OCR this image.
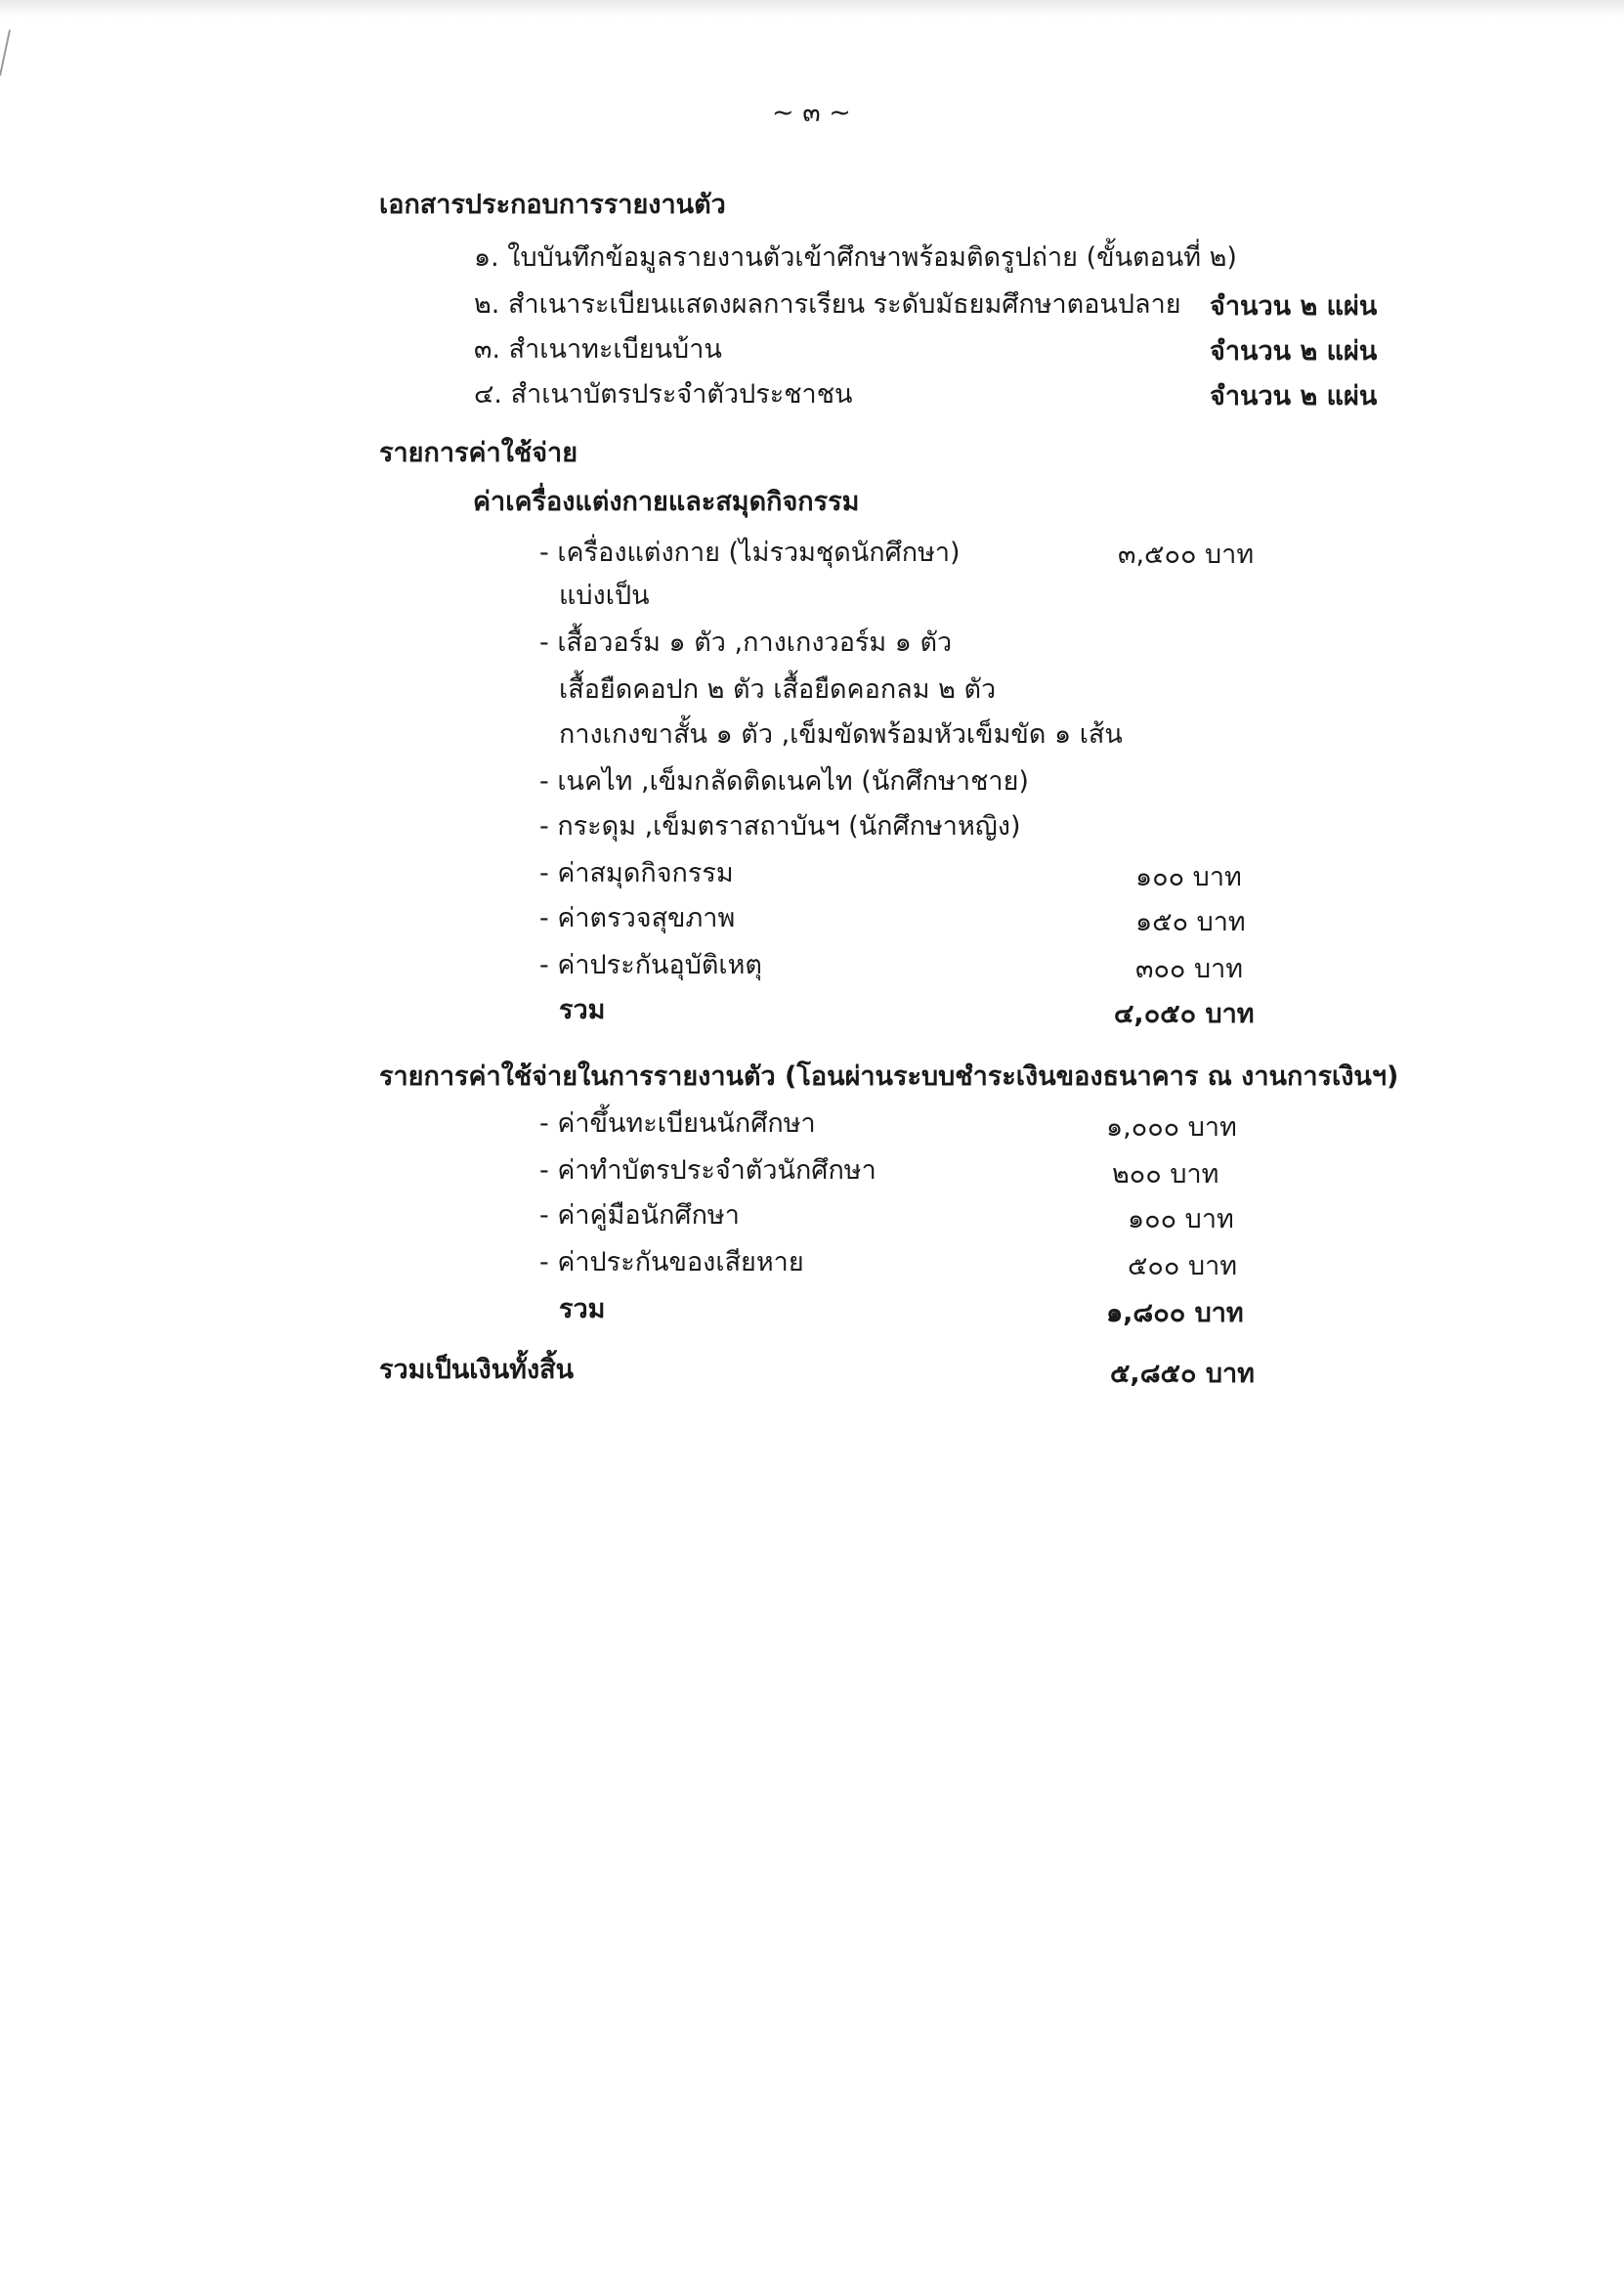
~ ๓ ~
เอกสารประกอบการรายงานตัว
๑. ใบบันทึกข้อมูลรายงานตัวเข้าศึกษาพร้อมติดรูปถ่าย (ขั้นตอนที่ ๒)
๒. สำเนาระเบียนแสดงผลการเรียน ระดับมัธยมศึกษาตอนปลาย จำนวน ๒ แผ่น
๓. สำเนาทะเบียนบ้าน	จำนวน ๒ แผ่น
๔. สำเนาบัตรประจำตัวประชาชน	จำนวน ๒ แผ่น
รายการค่าใช้จ่าย
ค่าเครื่องแต่งกายและสมุดกิจกรรม
- เครื่องแต่งกาย (ไม่รวมชุดนักศึกษา)	๓,๕๐๐ บาท
แบ่งเป็น
- เสื้อวอร์ม ๑ ตัว ,กางเกงวอร์ม ๑ ตัว
เสื้อยืดคอปก ๒ ตัว เสื้อยืดคอกลม ๒ ตัว
กางเกงขาสั้น ๑ ตัว ,เข็มขัดพร้อมหัวเข็มขัด ๑ เส้น
- เนคไท ,เข็มกลัดติดเนคไท (นักศึกษาชาย)
- กระดุม ,เข็มตราสถาบันฯ (นักศึกษาหญิง)
- ค่าสมุดกิจกรรม	๑๐๐ บาท
- ค่าตรวจสุขภาพ	๑๕๐ บาท
- ค่าประกันอุบัติเหตุ	๓๐๐ บาท
รวม	๔,๐๕๐ บาท
รายการค่าใช้จ่ายในการรายงานตัว (โอนผ่านระบบชำระเงินของธนาคาร ณ งานการเงินฯ)
- ค่าขึ้นทะเบียนนักศึกษา	๑,๐๐๐ บาท
- ค่าทำบัตรประจำตัวนักศึกษา	๒๐๐ บาท
- ค่าคู่มือนักศึกษา	๑๐๐ บาท
- ค่าประกันของเสียหาย	๕๐๐ บาท
รวม	๑,๘๐๐ บาท
รวมเป็นเงินทั้งสิ้น	๕,๘๕๐ บาท
